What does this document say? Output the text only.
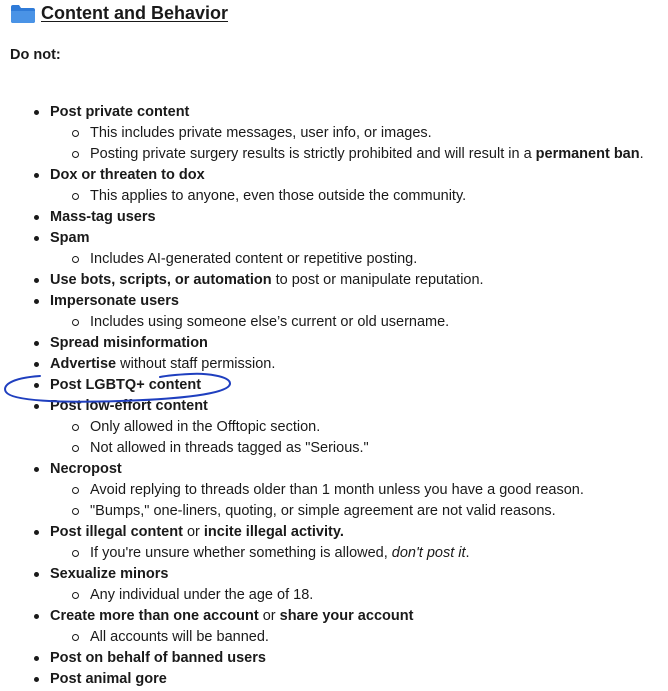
Content and Behavior
Do not:
Post private content
This includes private messages, user info, or images.
Posting private surgery results is strictly prohibited and will result in a permanent ban.
Dox or threaten to dox
This applies to anyone, even those outside the community.
Mass-tag users
Spam
Includes AI-generated content or repetitive posting.
Use bots, scripts, or automation to post or manipulate reputation.
Impersonate users
Includes using someone else’s current or old username.
Spread misinformation
Advertise without staff permission.
Post LGBTQ+ content
Post low-effort content
Only allowed in the Offtopic section.
Not allowed in threads tagged as "Serious."
Necropost
Avoid replying to threads older than 1 month unless you have a good reason.
"Bumps," one-liners, quoting, or simple agreement are not valid reasons.
Post illegal content or incite illegal activity.
If you're unsure whether something is allowed, don't post it.
Sexualize minors
Any individual under the age of 18.
Create more than one account or share your account
All accounts will be banned.
Post on behalf of banned users
Post animal gore
